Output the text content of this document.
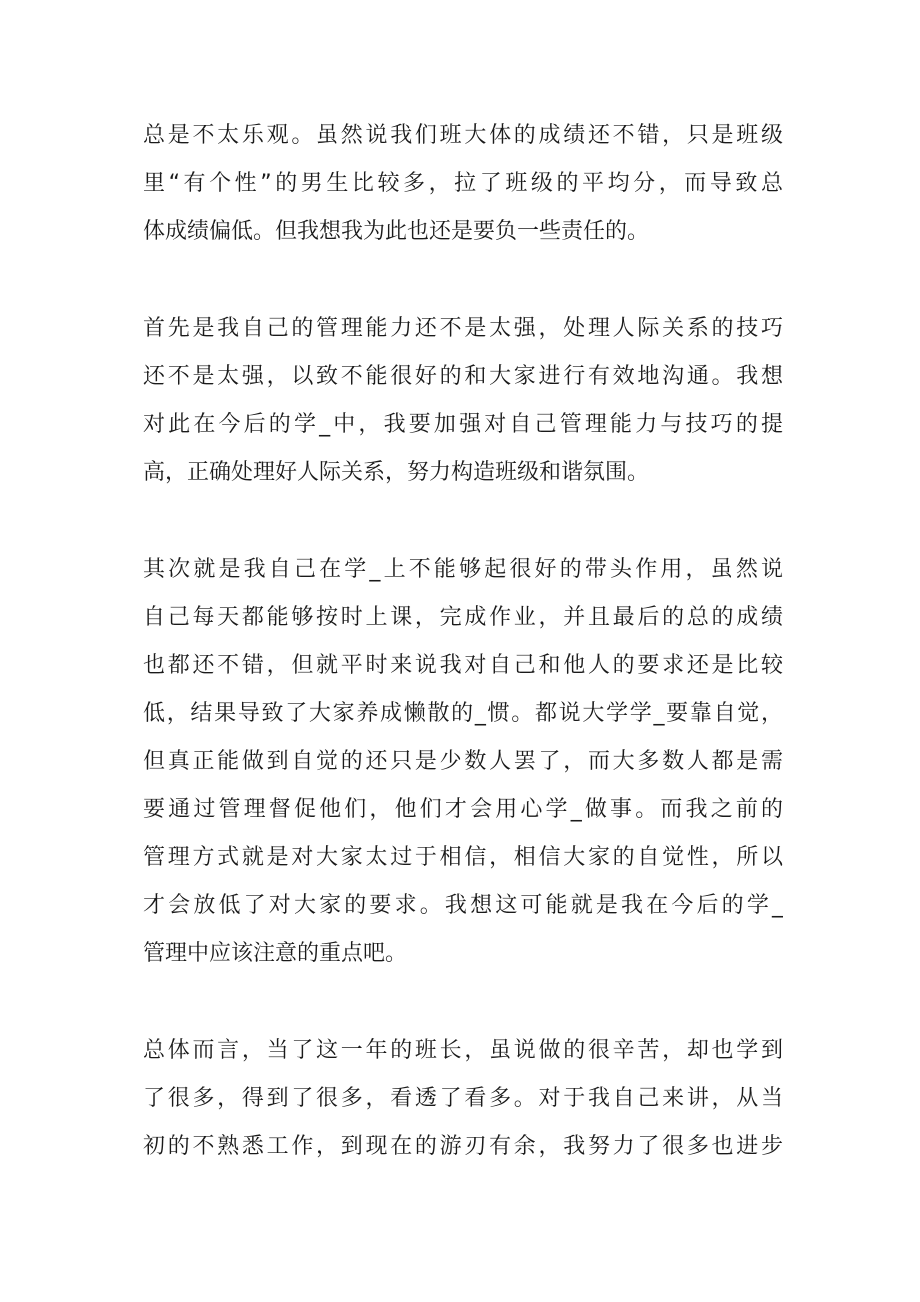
总是不太乐观。虽然说我们班大体的成绩还不错，只是班级
里“有个性”的男生比较多，拉了班级的平均分，而导致总
体成绩偏低。但我想我为此也还是要负一些责任的。
首先是我自己的管理能力还不是太强，处理人际关系的技巧
还不是太强，以致不能很好的和大家进行有效地沟通。我想
对此在今后的学_中，我要加强对自己管理能力与技巧的提
高，正确处理好人际关系，努力构造班级和谐氛围。
其次就是我自己在学_上不能够起很好的带头作用，虽然说
自己每天都能够按时上课，完成作业，并且最后的总的成绩
也都还不错，但就平时来说我对自己和他人的要求还是比较
低，结果导致了大家养成懒散的_惯。都说大学学_要靠自觉，
但真正能做到自觉的还只是少数人罢了，而大多数人都是需
要通过管理督促他们，他们才会用心学_做事。而我之前的
管理方式就是对大家太过于相信，相信大家的自觉性，所以
才会放低了对大家的要求。我想这可能就是我在今后的学_
管理中应该注意的重点吧。
总体而言，当了这一年的班长，虽说做的很辛苦，却也学到
了很多，得到了很多，看透了看多。对于我自己来讲，从当
初的不熟悉工作，到现在的游刃有余，我努力了很多也进步
